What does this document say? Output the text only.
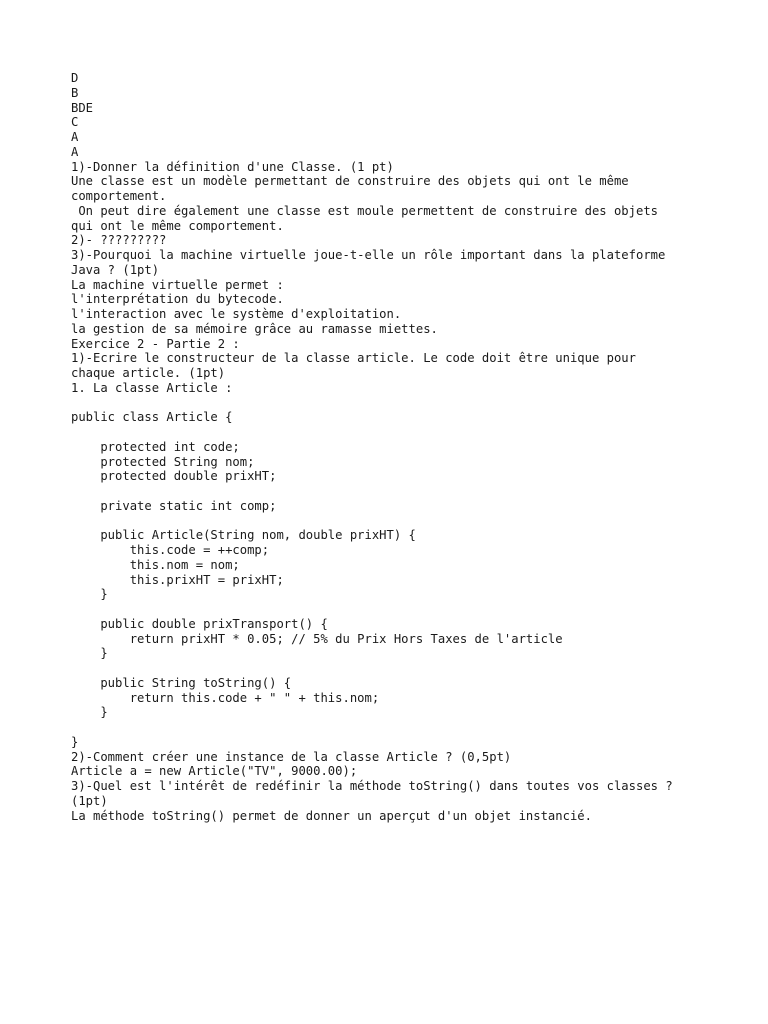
D
B
BDE
C
A
A
1)-Donner la définition d'une Classe. (1 pt)
Une classe est un modèle permettant de construire des objets qui ont le même
comportement.
On peut dire également une classe est moule permettent de construire des objets
qui ont le même comportement.
2)- ?????????
3)-Pourquoi la machine virtuelle joue-t-elle un rôle important dans la plateforme
Java ? (1pt)
La machine virtuelle permet :
l'interprétation du bytecode.
l'interaction avec le système d'exploitation.
la gestion de sa mémoire grâce au ramasse miettes.
Exercice 2 - Partie 2 :
1)-Ecrire le constructeur de la classe article. Le code doit être unique pour
chaque article. (1pt)
1. La classe Article :
public class Article {
protected int code;
protected String nom;
protected double prixHT;
private static int comp;
public Article(String nom, double prixHT) {
this.code = ++comp;
this.nom = nom;
this.prixHT = prixHT;
}
public double prixTransport() {
return prixHT * 0.05; // 5% du Prix Hors Taxes de l'article
}
public String toString() {
return this.code + " " + this.nom;
}
}
2)-Comment créer une instance de la classe Article ? (0,5pt)
Article a = new Article("TV", 9000.00);
3)-Quel est l'intérêt de redéfinir la méthode toString() dans toutes vos classes ?
(1pt)
La méthode toString() permet de donner un aperçut d'un objet instancié.
